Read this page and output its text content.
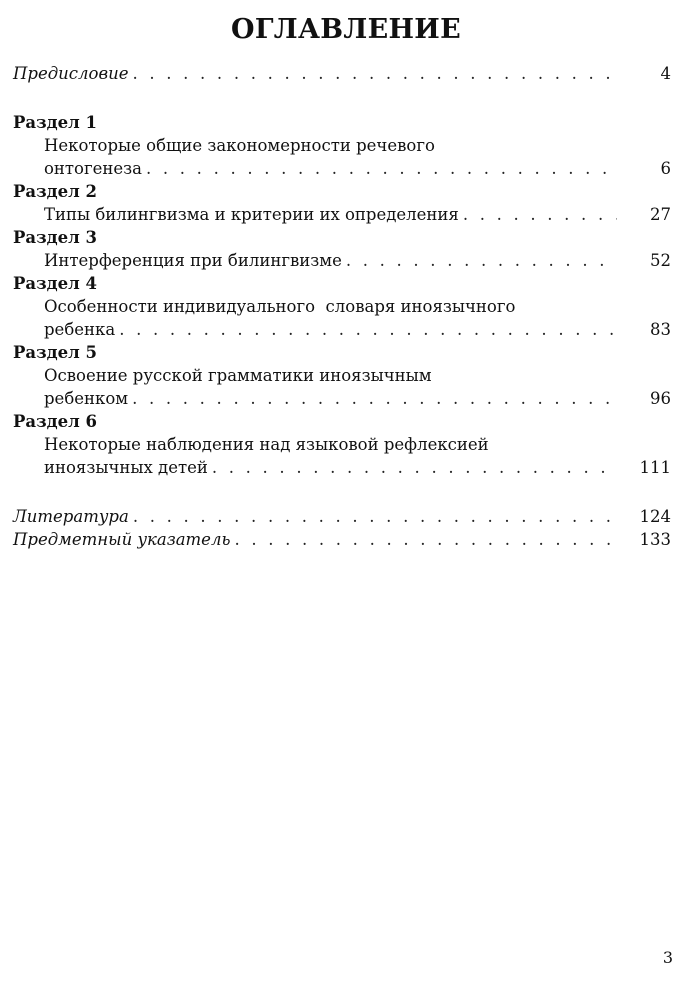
ОГЛАВЛЕНИЕ
Предисловие . . .	4
Раздел 1
Некоторые общие закономерности речевого
онтогенеза . . .	6
Раздел 2
Типы билингвизма и критерии их определения . . .	27
Раздел 3
Интерференция при билингвизме . . .	52
Раздел 4
Особенности индивидуального  словаря иноязычного
ребенка . . .	83
Раздел 5
Освоение русской грамматики иноязычным
ребенком . . .	96
Раздел 6
Некоторые наблюдения над языковой рефлексией
иноязычных детей . . .	111
Литература . . .	124
Предметный указатель . . .	133
3
